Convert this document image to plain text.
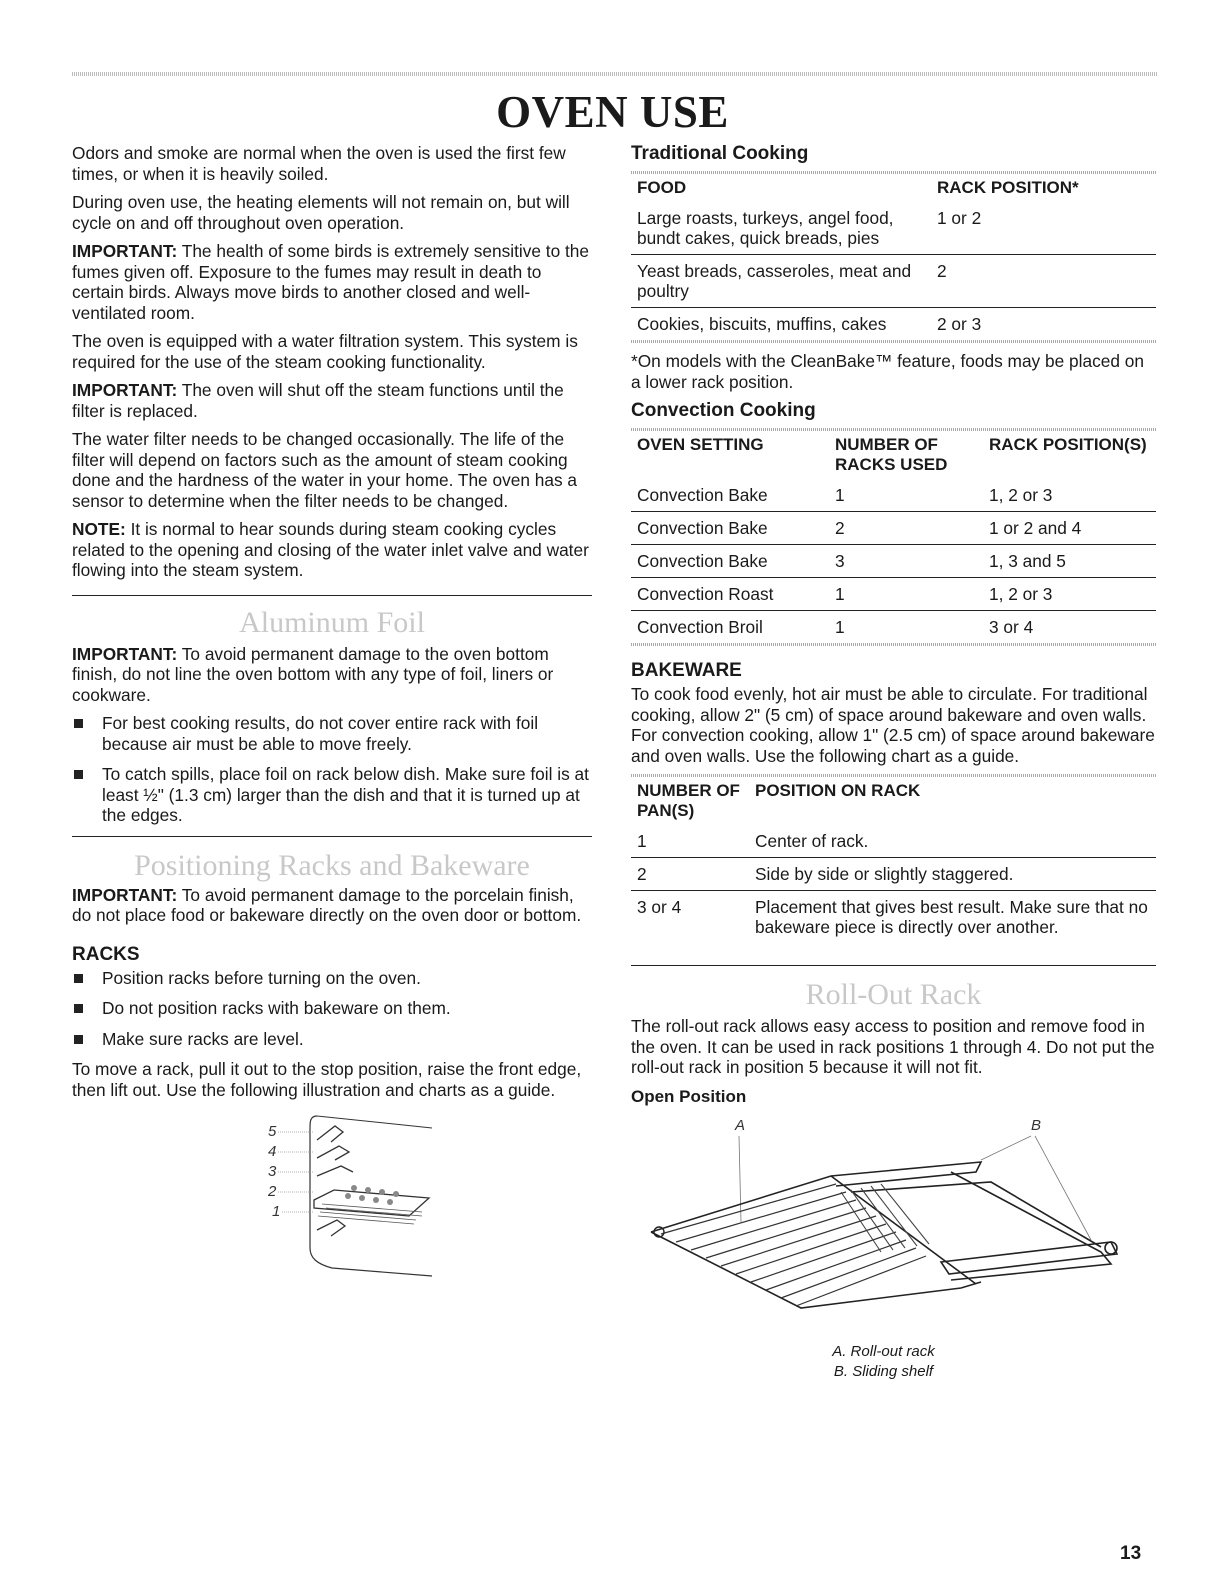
OVEN USE

Odors and smoke are normal when the oven is used the first few times, or when it is heavily soiled.

During oven use, the heating elements will not remain on, but will cycle on and off throughout oven operation.

IMPORTANT: The health of some birds is extremely sensitive to the fumes given off. Exposure to the fumes may result in death to certain birds. Always move birds to another closed and well-ventilated room.

The oven is equipped with a water filtration system. This system is required for the use of the steam cooking functionality.

IMPORTANT: The oven will shut off the steam functions until the filter is replaced.

The water filter needs to be changed occasionally. The life of the filter will depend on factors such as the amount of steam cooking done and the hardness of the water in your home. The oven has a sensor to determine when the filter needs to be changed.

NOTE: It is normal to hear sounds during steam cooking cycles related to the opening and closing of the water inlet valve and water flowing into the steam system.

Aluminum Foil

IMPORTANT: To avoid permanent damage to the oven bottom finish, do not line the oven bottom with any type of foil, liners or cookware.

For best cooking results, do not cover entire rack with foil because air must be able to move freely.
To catch spills, place foil on rack below dish. Make sure foil is at least ½" (1.3 cm) larger than the dish and that it is turned up at the edges.
Positioning Racks and Bakeware

IMPORTANT: To avoid permanent damage to the porcelain finish, do not place food or bakeware directly on the oven door or bottom.

RACKS
Position racks before turning on the oven.
Do not position racks with bakeware on them.
Make sure racks are level.

To move a rack, pull it out to the stop position, raise the front edge, then lift out. Use the following illustration and charts as a guide.

5
4
3
2
1
Traditional Cooking
FOOD	RACK POSITION*
Large roasts, turkeys, angel food, bundt cakes, quick breads, pies	1 or 2
Yeast breads, casseroles, meat and poultry	2
Cookies, biscuits, muffins, cakes	2 or 3

*On models with the CleanBake™ feature, foods may be placed on a lower rack position.

Convection Cooking
OVEN SETTING	NUMBER OF RACKS USED	RACK POSITION(S)
Convection Bake	1	1, 2 or 3
Convection Bake	2	1 or 2 and 4
Convection Bake	3	1, 3 and 5
Convection Roast	1	1, 2 or 3
Convection Broil	1	3 or 4
BAKEWARE

To cook food evenly, hot air must be able to circulate. For traditional cooking, allow 2" (5 cm) of space around bakeware and oven walls. For convection cooking, allow 1" (2.5 cm) of space around bakeware and oven walls. Use the following chart as a guide.

NUMBER OF PAN(S)	POSITION ON RACK
1	Center of rack.
2	Side by side or slightly staggered.
3 or 4	Placement that gives best result. Make sure that no bakeware piece is directly over another.
Roll-Out Rack

The roll-out rack allows easy access to position and remove food in the oven. It can be used in rack positions 1 through 4. Do not put the roll-out rack in position 5 because it will not fit.

Open Position
A	B
A. Roll-out rack
B. Sliding shelf
13
